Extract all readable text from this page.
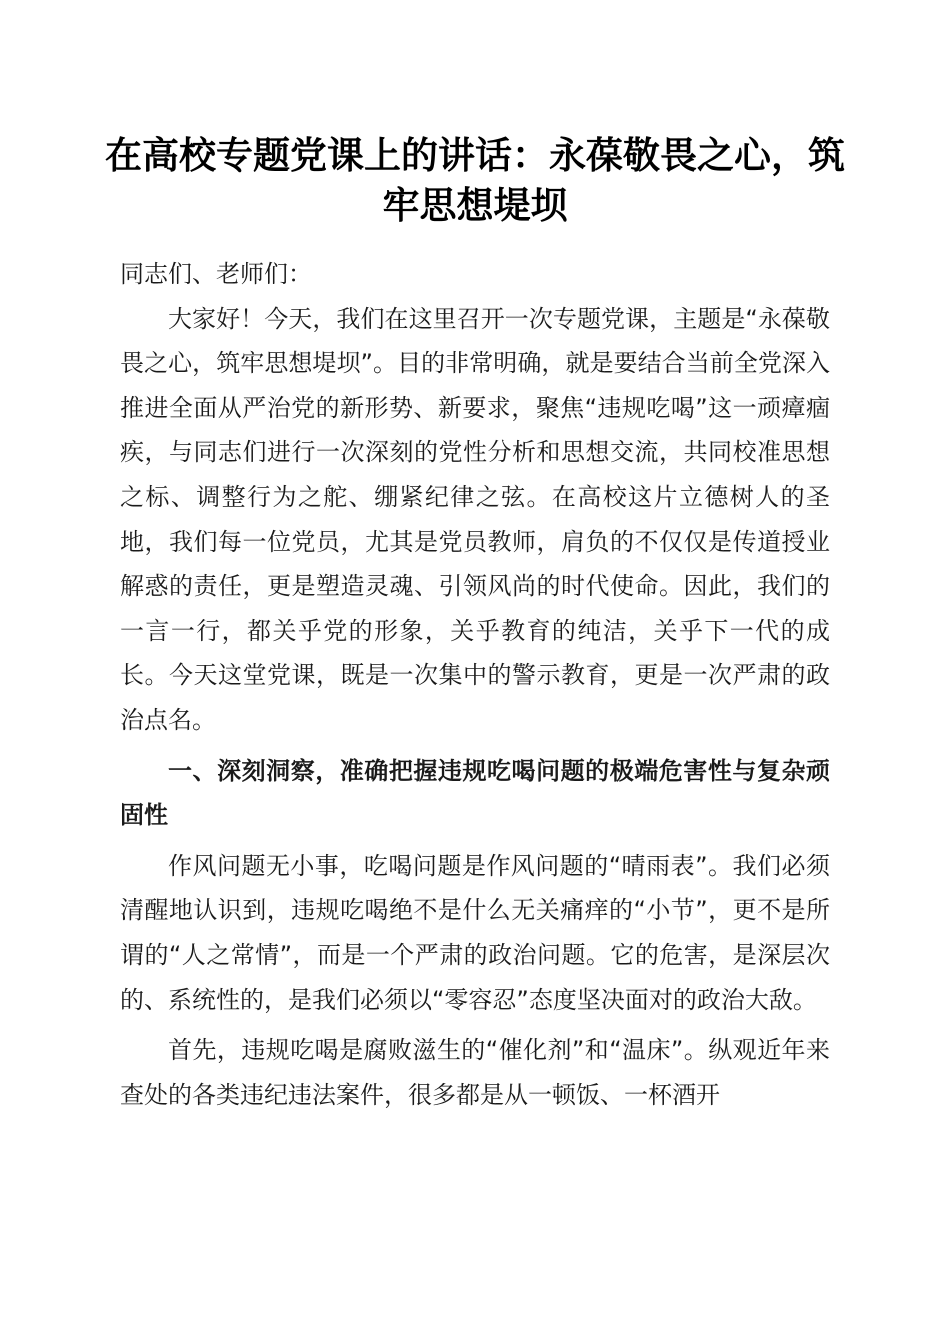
在高校专题党课上的讲话：永葆敬畏之心，筑牢思想堤坝

同志们、老师们：

大家好！今天，我们在这里召开一次专题党课，主题是“永葆敬畏之心，筑牢思想堤坝”。目的非常明确，就是要结合当前全党深入推进全面从严治党的新形势、新要求，聚焦“违规吃喝”这一顽瘴痼疾，与同志们进行一次深刻的党性分析和思想交流，共同校准思想之标、调整行为之舵、绷紧纪律之弦。在高校这片立德树人的圣地，我们每一位党员，尤其是党员教师，肩负的不仅仅是传道授业解惑的责任，更是塑造灵魂、引领风尚的时代使命。因此，我们的一言一行，都关乎党的形象，关乎教育的纯洁，关乎下一代的成长。今天这堂党课，既是一次集中的警示教育，更是一次严肃的政治点名。

一、深刻洞察，准确把握违规吃喝问题的极端危害性与复杂顽固性

作风问题无小事，吃喝问题是作风问题的“晴雨表”。我们必须清醒地认识到，违规吃喝绝不是什么无关痛痒的“小节”，更不是所谓的“人之常情”，而是一个严肃的政治问题。它的危害，是深层次的、系统性的，是我们必须以“零容忍”态度坚决面对的政治大敌。

首先，违规吃喝是腐败滋生的“催化剂”和“温床”。纵观近年来查处的各类违纪违法案件，很多都是从一顿饭、一杯酒开
